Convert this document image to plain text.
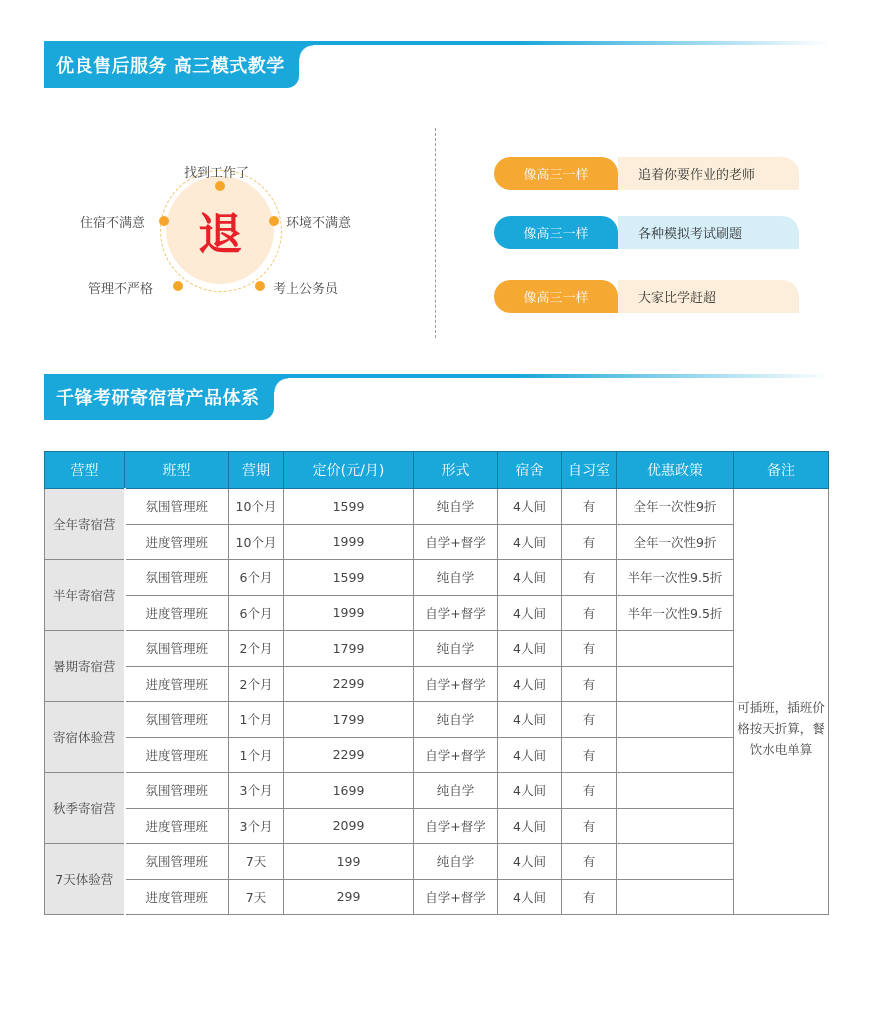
优良售后服务 高三模式教学
退
找到工作了
环境不满意
考上公务员
管理不严格
住宿不满意
像高三一样	追着你要作业的老师
像高三一样	各种模拟考试刷题
像高三一样	大家比学赶超
千锋考研寄宿营产品体系
营型	班型	营期	定价(元/月)	形式	宿舍	自习室	优惠政策	备注
全年寄宿营	氛围管理班	10个月	1599	纯自学	4人间	有	全年一次性9折	可插班，插班价格按天折算，餐饮水电单算
	进度管理班	10个月	1999	自学+督学	4人间	有	全年一次性9折	
半年寄宿营	氛围管理班	6个月	1599	纯自学	4人间	有	半年一次性9.5折	
	进度管理班	6个月	1999	自学+督学	4人间	有	半年一次性9.5折	
暑期寄宿营	氛围管理班	2个月	1799	纯自学	4人间	有		
	进度管理班	2个月	2299	自学+督学	4人间	有		
寄宿体验营	氛围管理班	1个月	1799	纯自学	4人间	有		
	进度管理班	1个月	2299	自学+督学	4人间	有		
秋季寄宿营	氛围管理班	3个月	1699	纯自学	4人间	有		
	进度管理班	3个月	2099	自学+督学	4人间	有		
7天体验营	氛围管理班	7天	199	纯自学	4人间	有		
	进度管理班	7天	299	自学+督学	4人间	有		
